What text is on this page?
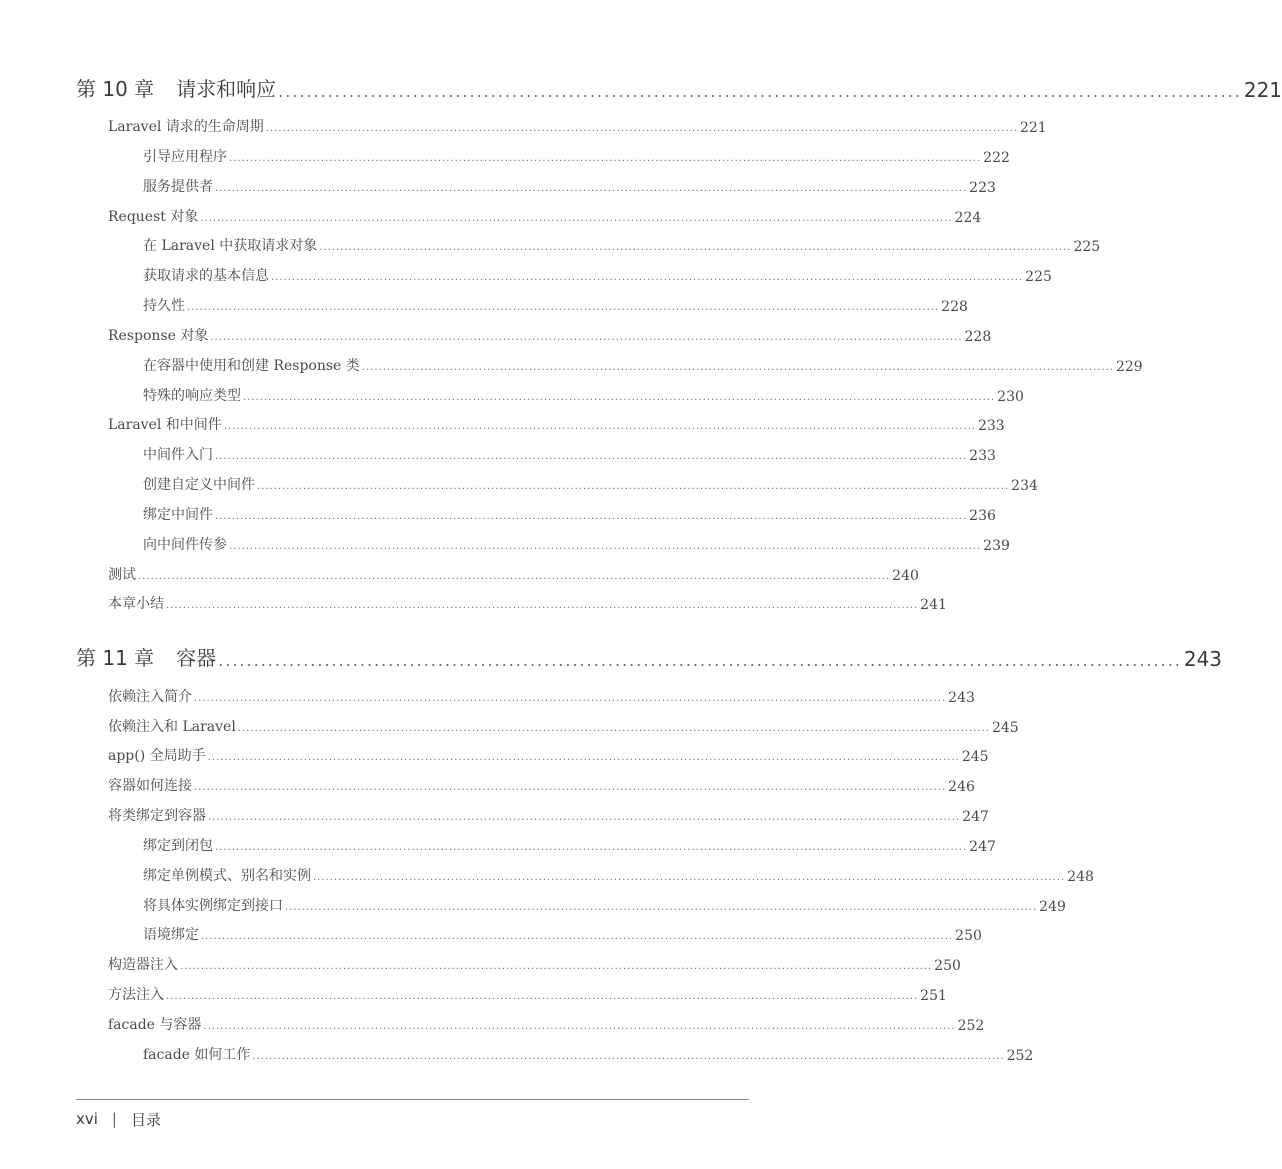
第 10 章 请求和响应 ........................................................................................................................................ 221
Laravel 请求的生命周期 .................................................................................................................................................................................... 221
引导应用程序 .................................................................................................................................................................................... 222
服务提供者 .................................................................................................................................................................................... 223
Request 对象 .................................................................................................................................................................................... 224
在 Laravel 中获取请求对象 .................................................................................................................................................................................... 225
获取请求的基本信息 .................................................................................................................................................................................... 225
持久性 .................................................................................................................................................................................... 228
Response 对象 .................................................................................................................................................................................... 228
在容器中使用和创建 Response 类 .................................................................................................................................................................................... 229
特殊的响应类型 .................................................................................................................................................................................... 230
Laravel 和中间件 .................................................................................................................................................................................... 233
中间件入门 .................................................................................................................................................................................... 233
创建自定义中间件 .................................................................................................................................................................................... 234
绑定中间件 .................................................................................................................................................................................... 236
向中间件传参 .................................................................................................................................................................................... 239
测试 .................................................................................................................................................................................... 240
本章小结 .................................................................................................................................................................................... 241
第 11 章 容器 ........................................................................................................................................ 243
依赖注入简介 .................................................................................................................................................................................... 243
依赖注入和 Laravel .................................................................................................................................................................................... 245
app() 全局助手 .................................................................................................................................................................................... 245
容器如何连接 .................................................................................................................................................................................... 246
将类绑定到容器 .................................................................................................................................................................................... 247
绑定到闭包 .................................................................................................................................................................................... 247
绑定单例模式、别名和实例 .................................................................................................................................................................................... 248
将具体实例绑定到接口 .................................................................................................................................................................................... 249
语境绑定 .................................................................................................................................................................................... 250
构造器注入 .................................................................................................................................................................................... 250
方法注入 .................................................................................................................................................................................... 251
facade 与容器 .................................................................................................................................................................................... 252
facade 如何工作 .................................................................................................................................................................................... 252
xvi | 目录
